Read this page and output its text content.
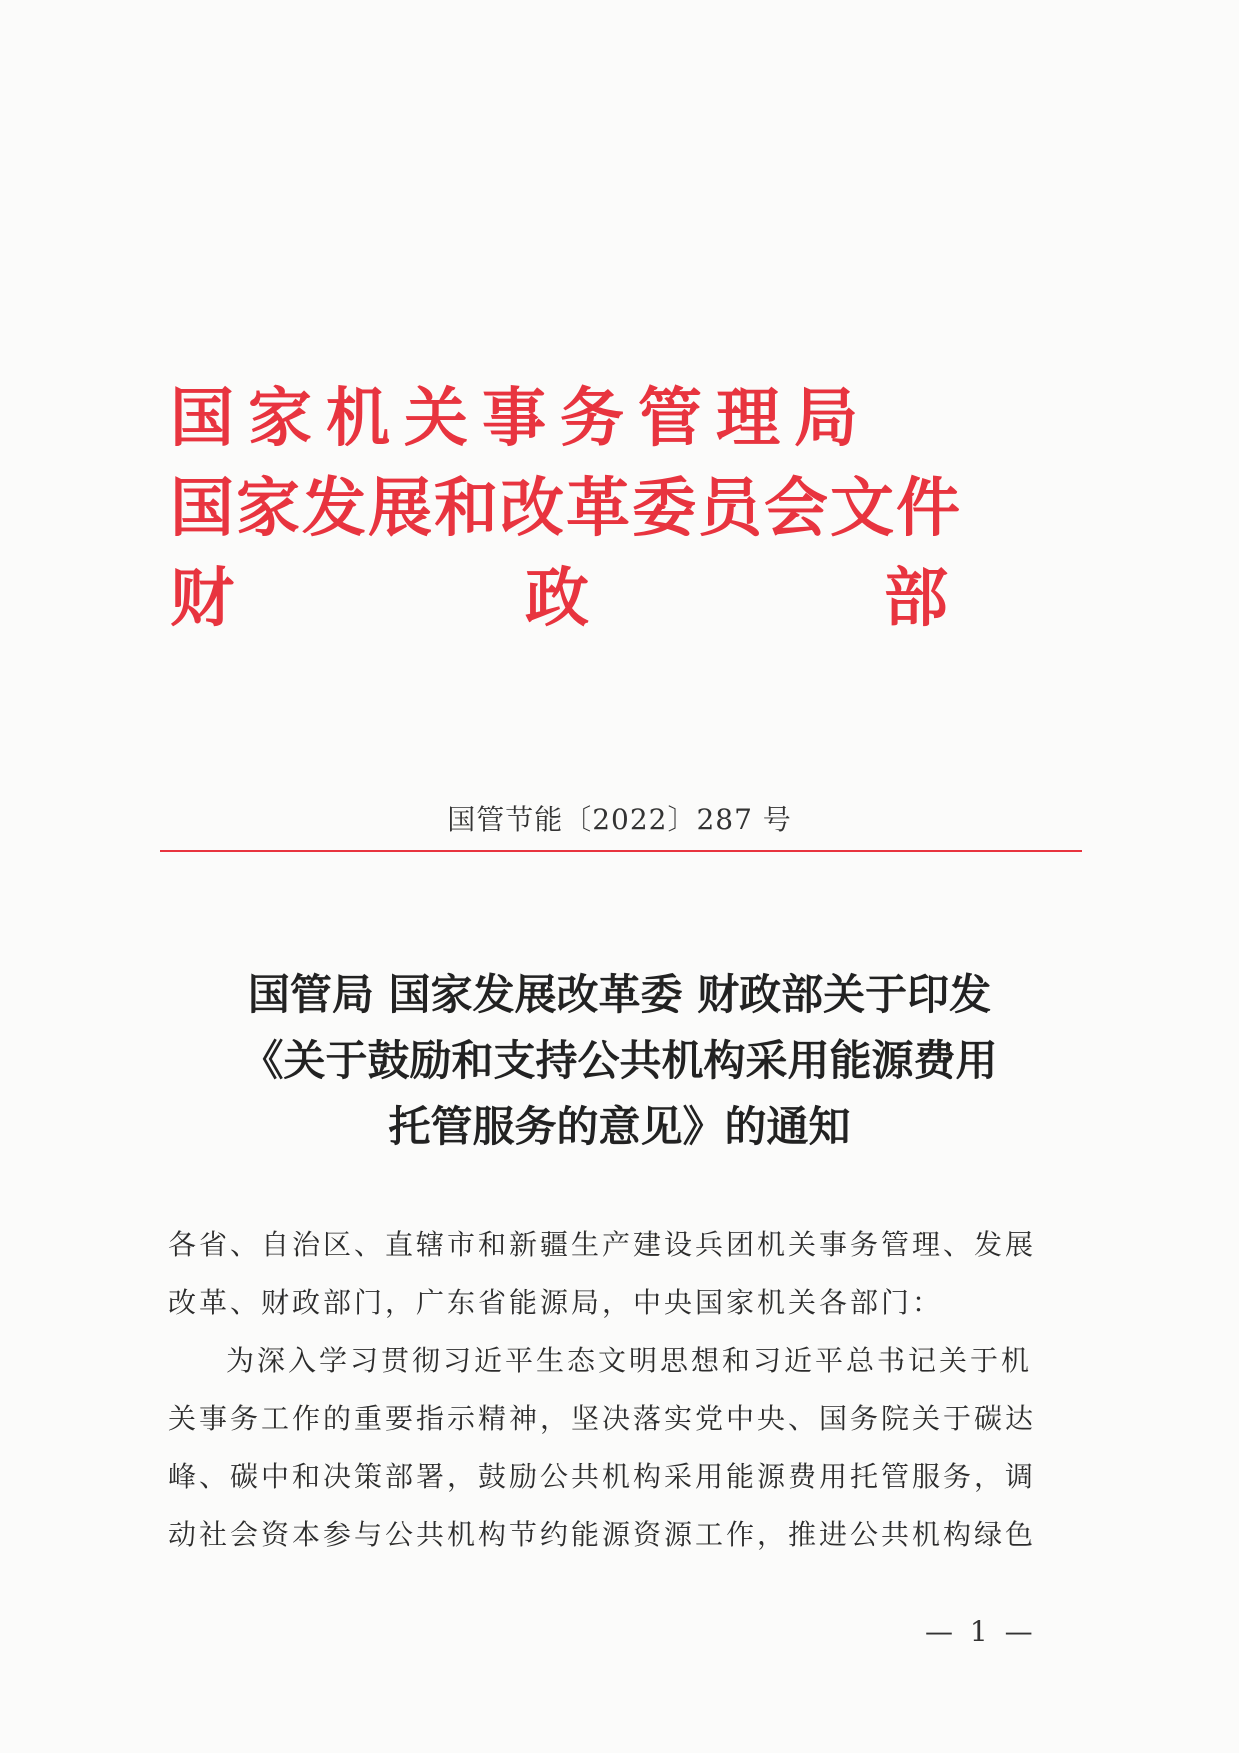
国家机关事务管理局
国家发展和改革委员会文件
财	政	部
国管节能〔2022〕287 号
国管局 国家发展改革委 财政部关于印发
《关于鼓励和支持公共机构采用能源费用
托管服务的意见》的通知
各省、自治区、直辖市和新疆生产建设兵团机关事务管理、发展
改革、财政部门，广东省能源局，中央国家机关各部门：
为深入学习贯彻习近平生态文明思想和习近平总书记关于机
关事务工作的重要指示精神，坚决落实党中央、国务院关于碳达
峰、碳中和决策部署，鼓励公共机构采用能源费用托管服务，调
动社会资本参与公共机构节约能源资源工作，推进公共机构绿色
— 1 —
